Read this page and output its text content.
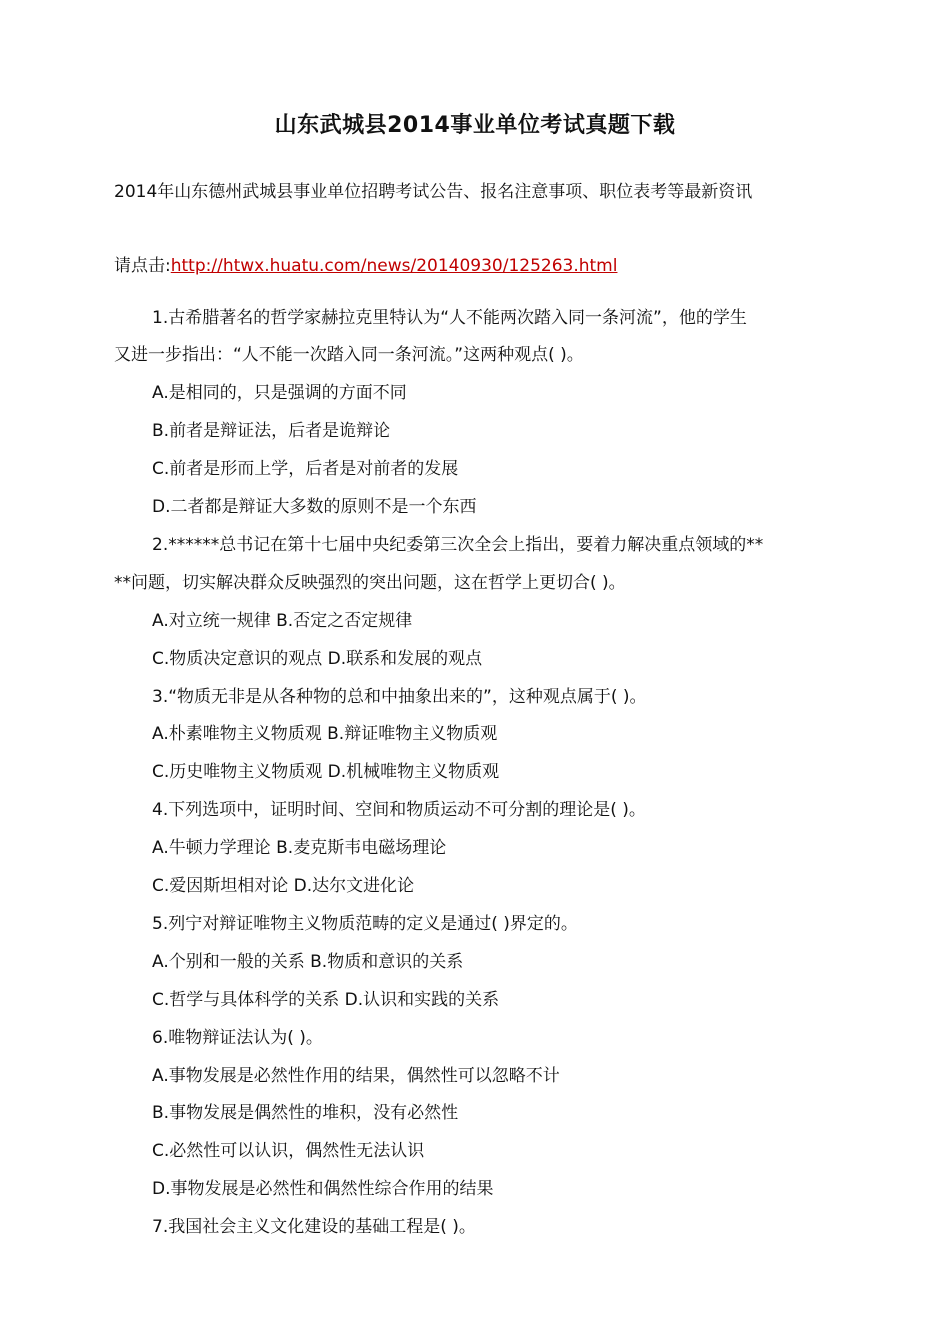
山东武城县2014事业单位考试真题下载
2014年山东德州武城县事业单位招聘考试公告、报名注意事项、职位表考等最新资讯
请点击:http://htwx.huatu.com/news/20140930/125263.html
1.古希腊著名的哲学家赫拉克里特认为“人不能两次踏入同一条河流”，他的学生
又进一步指出：“人不能一次踏入同一条河流。”这两种观点( )。
A.是相同的，只是强调的方面不同
B.前者是辩证法，后者是诡辩论
C.前者是形而上学，后者是对前者的发展
D.二者都是辩证大多数的原则不是一个东西
2.******总书记在第十七届中央纪委第三次全会上指出，要着力解决重点领域的**
**问题，切实解决群众反映强烈的突出问题，这在哲学上更切合( )。
A.对立统一规律 B.否定之否定规律
C.物质决定意识的观点 D.联系和发展的观点
3.“物质无非是从各种物的总和中抽象出来的”，这种观点属于( )。
A.朴素唯物主义物质观 B.辩证唯物主义物质观
C.历史唯物主义物质观 D.机械唯物主义物质观
4.下列选项中，证明时间、空间和物质运动不可分割的理论是( )。
A.牛顿力学理论 B.麦克斯韦电磁场理论
C.爱因斯坦相对论 D.达尔文进化论
5.列宁对辩证唯物主义物质范畴的定义是通过( )界定的。
A.个别和一般的关系 B.物质和意识的关系
C.哲学与具体科学的关系 D.认识和实践的关系
6.唯物辩证法认为( )。
A.事物发展是必然性作用的结果，偶然性可以忽略不计
B.事物发展是偶然性的堆积，没有必然性
C.必然性可以认识，偶然性无法认识
D.事物发展是必然性和偶然性综合作用的结果
7.我国社会主义文化建设的基础工程是( )。
